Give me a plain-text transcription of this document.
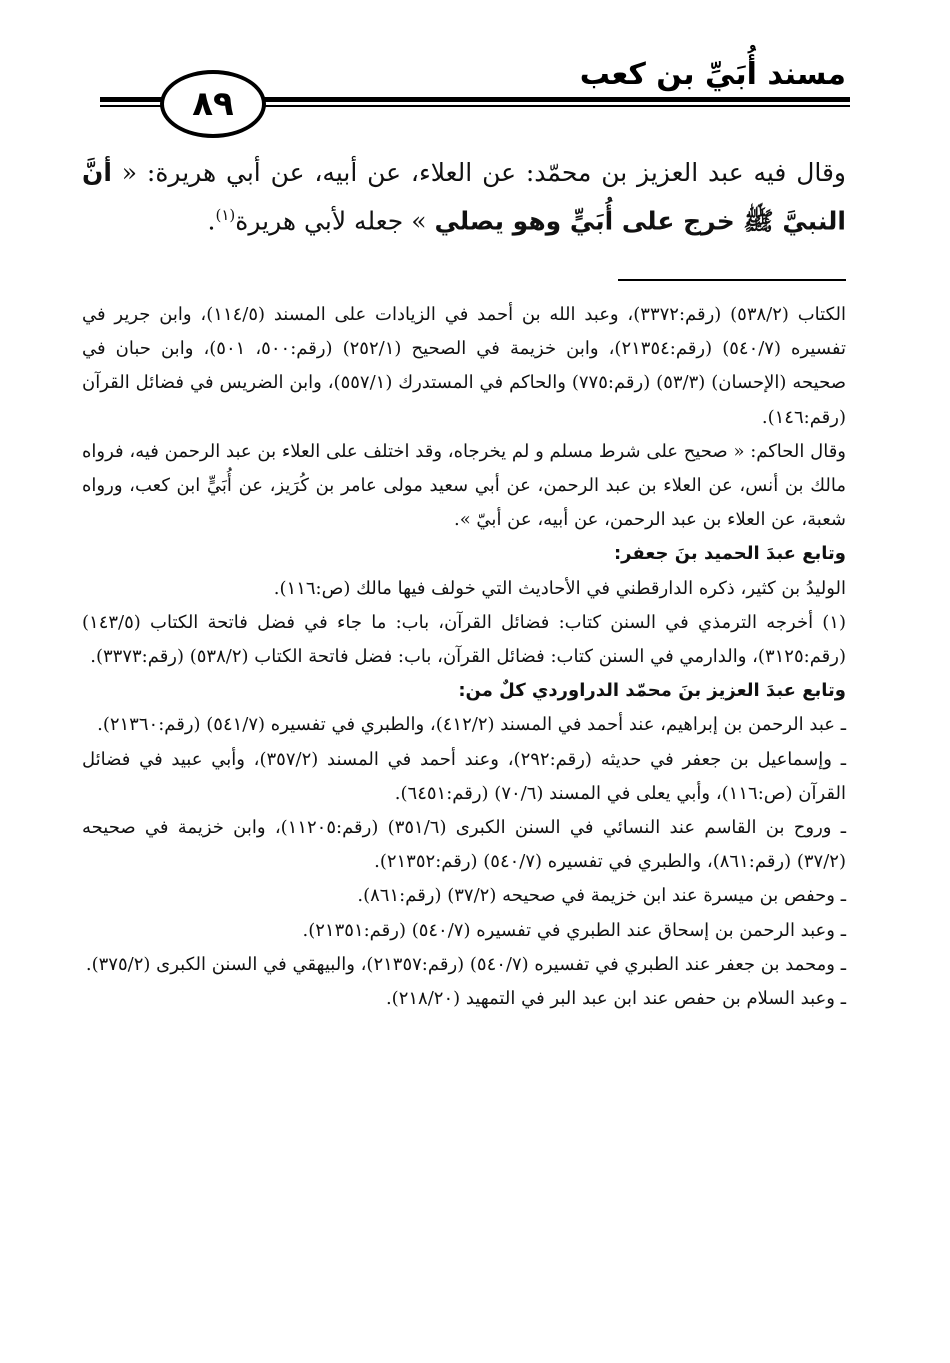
مسند أُبَيِّ بن كعب
٨٩

وقال فيه عبد العزيز بن محمّد: عن العلاء، عن أبيه، عن أبي هريرة: « أنَّ النبيَّ ﷺ خرج على أُبَيٍّ وهو يصلي » جعله لأبي هريرة$^{(١)}$.

الكتاب (٥٣٨/٢) (رقم:٣٣٧٢)، وعبد الله بن أحمد في الزيادات على المسند (١١٤/٥)، وابن جرير في تفسيره (٥٤٠/٧) (رقم:٢١٣٥٤)، وابن خزيمة في الصحيح (٢٥٢/١) (رقم:٥٠٠، ٥٠١)، وابن حبان في صحيحه (الإحسان) (٥٣/٣) (رقم:٧٧٥) والحاكم في المستدرك (٥٥٧/١)، وابن الضريس في فضائل القرآن (رقم:١٤٦).

وقال الحاكم: « صحيح على شرط مسلم و لم يخرجاه، وقد اختلف على العلاء بن عبد الرحمن فيه، فرواه مالك بن أنس، عن العلاء بن عبد الرحمن، عن أبي سعيد مولى عامر بن كُرَيز، عن أُبَيٍّ ابن كعب، ورواه شعبة، عن العلاء بن عبد الرحمن، عن أبيه، عن أبيّ ».

وتابع عبدَ الحميد بنَ جعفر:

الوليدُ بن كثير، ذكره الدارقطني في الأحاديث التي خولف فيها مالك (ص:١١٦).

(١) أخرجه الترمذي في السنن كتاب: فضائل القرآن، باب: ما جاء في فضل فاتحة الكتاب (١٤٣/٥) (رقم:٣١٢٥)، والدارمي في السنن كتاب: فضائل القرآن، باب: فضل فاتحة الكتاب (٥٣٨/٢) (رقم:٣٣٧٣).

وتابع عبدَ العزيز بنَ محمّد الدراوردي كلٌ من:

ـ عبد الرحمن بن إبراهيم، عند أحمد في المسند (٤١٢/٢)، والطبري في تفسيره (٥٤١/٧) (رقم:٢١٣٦٠).

ـ وإسماعيل بن جعفر في حديثه (رقم:٢٩٢)، وعند أحمد في المسند (٣٥٧/٢)، وأبي عبيد في فضائل القرآن (ص:١١٦)، وأبي يعلى في المسند (٧٠/٦) (رقم:٦٤٥١).

ـ وروح بن القاسم عند النسائي في السنن الكبرى (٣٥١/٦) (رقم:١١٢٠٥)، وابن خزيمة في صحيحه (٣٧/٢) (رقم:٨٦١)، والطبري في تفسيره (٥٤٠/٧) (رقم:٢١٣٥٢).

ـ وحفص بن ميسرة عند ابن خزيمة في صحيحه (٣٧/٢) (رقم:٨٦١).

ـ وعبد الرحمن بن إسحاق عند الطبري في تفسيره (٥٤٠/٧) (رقم:٢١٣٥١).

ـ ومحمد بن جعفر عند الطبري في تفسيره (٥٤٠/٧) (رقم:٢١٣٥٧)، والبيهقي في السنن الكبرى (٣٧٥/٢).

ـ وعبد السلام بن حفص عند ابن عبد البر في التمهيد (٢١٨/٢٠).
